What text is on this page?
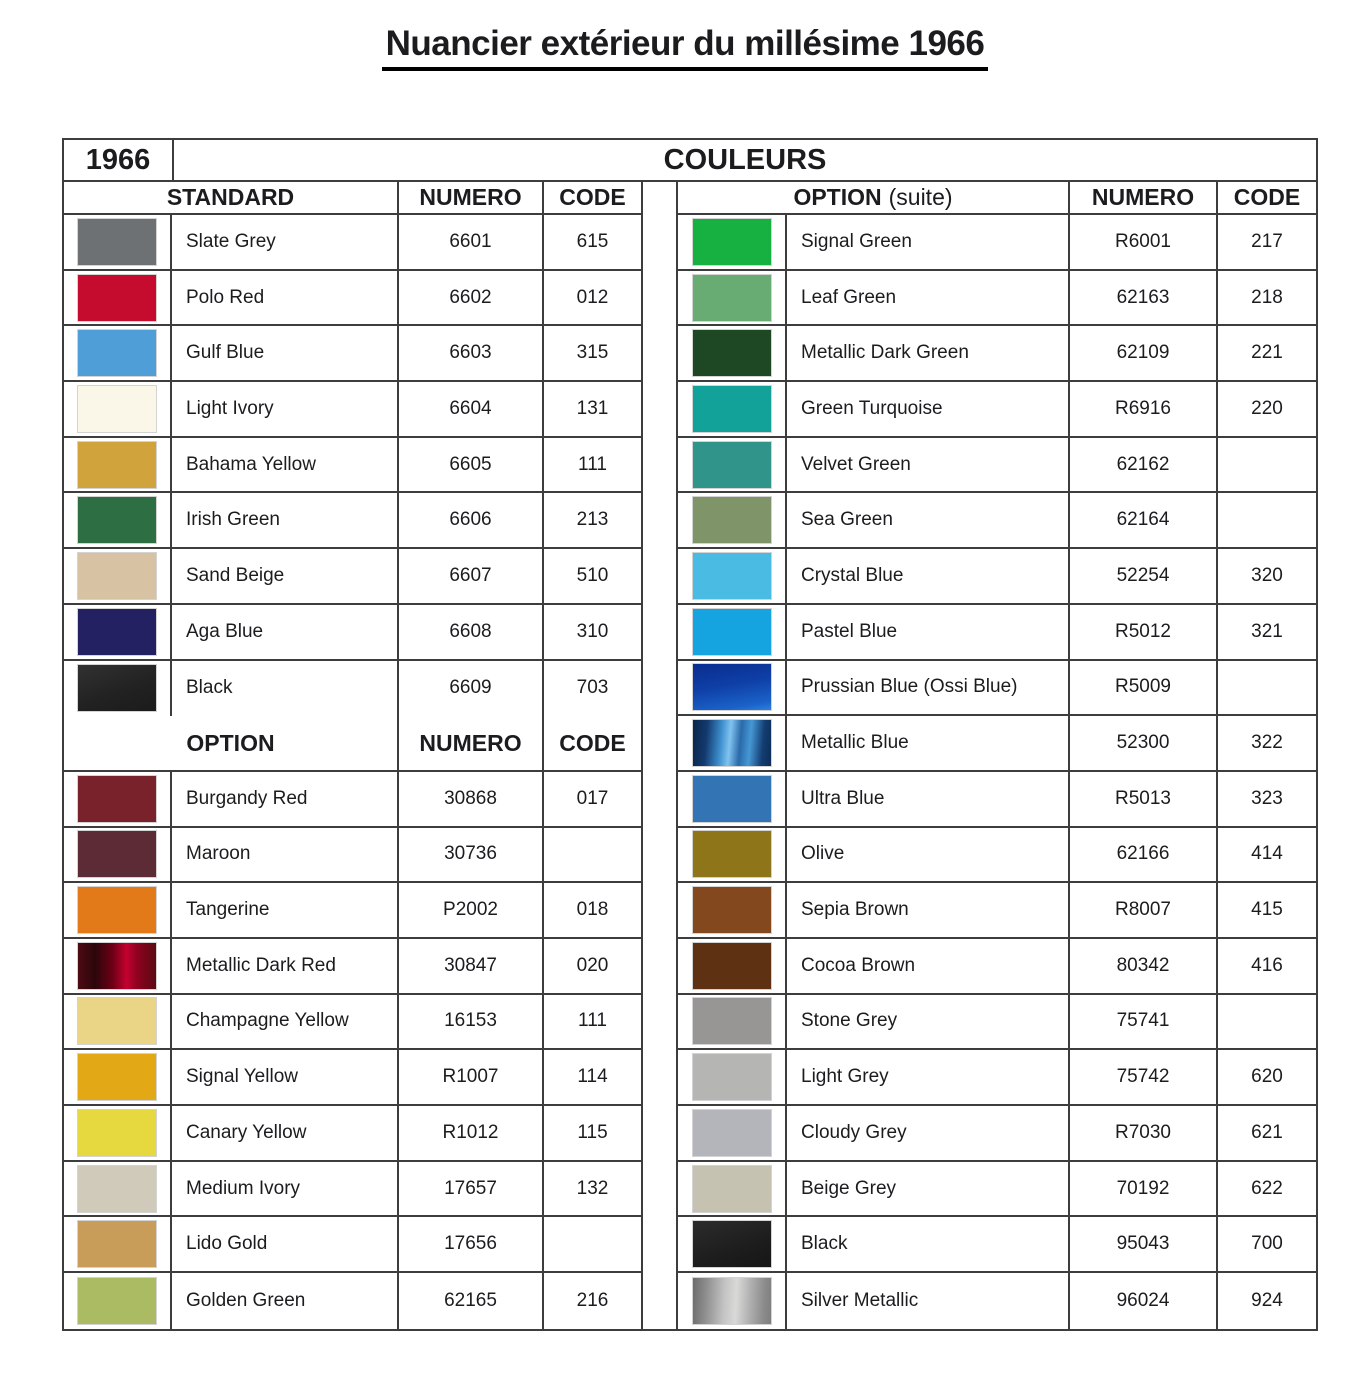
Nuancier extérieur du millésime 1966
1966	COULEURS
STANDARD	NUMERO	CODE
Slate Grey	6601	615
Polo Red	6602	012
Gulf Blue	6603	315
Light Ivory	6604	131
Bahama Yellow	6605	111
Irish Green	6606	213
Sand Beige	6607	510
Aga Blue	6608	310
Black	6609	703
OPTION	NUMERO	CODE
Burgandy Red	30868	017
Maroon	30736
Tangerine	P2002	018
Metallic Dark Red	30847	020
Champagne Yellow	16153	111
Signal Yellow	R1007	114
Canary Yellow	R1012	115
Medium Ivory	17657	132
Lido Gold	17656
Golden Green	62165	216
OPTION (suite)	NUMERO	CODE
Signal Green	R6001	217
Leaf Green	62163	218
Metallic Dark Green	62109	221
Green Turquoise	R6916	220
Velvet Green	62162
Sea Green	62164
Crystal Blue	52254	320
Pastel Blue	R5012	321
Prussian Blue (Ossi Blue)	R5009
Metallic Blue	52300	322
Ultra Blue	R5013	323
Olive	62166	414
Sepia Brown	R8007	415
Cocoa Brown	80342	416
Stone Grey	75741
Light Grey	75742	620
Cloudy Grey	R7030	621
Beige Grey	70192	622
Black	95043	700
Silver Metallic	96024	924
